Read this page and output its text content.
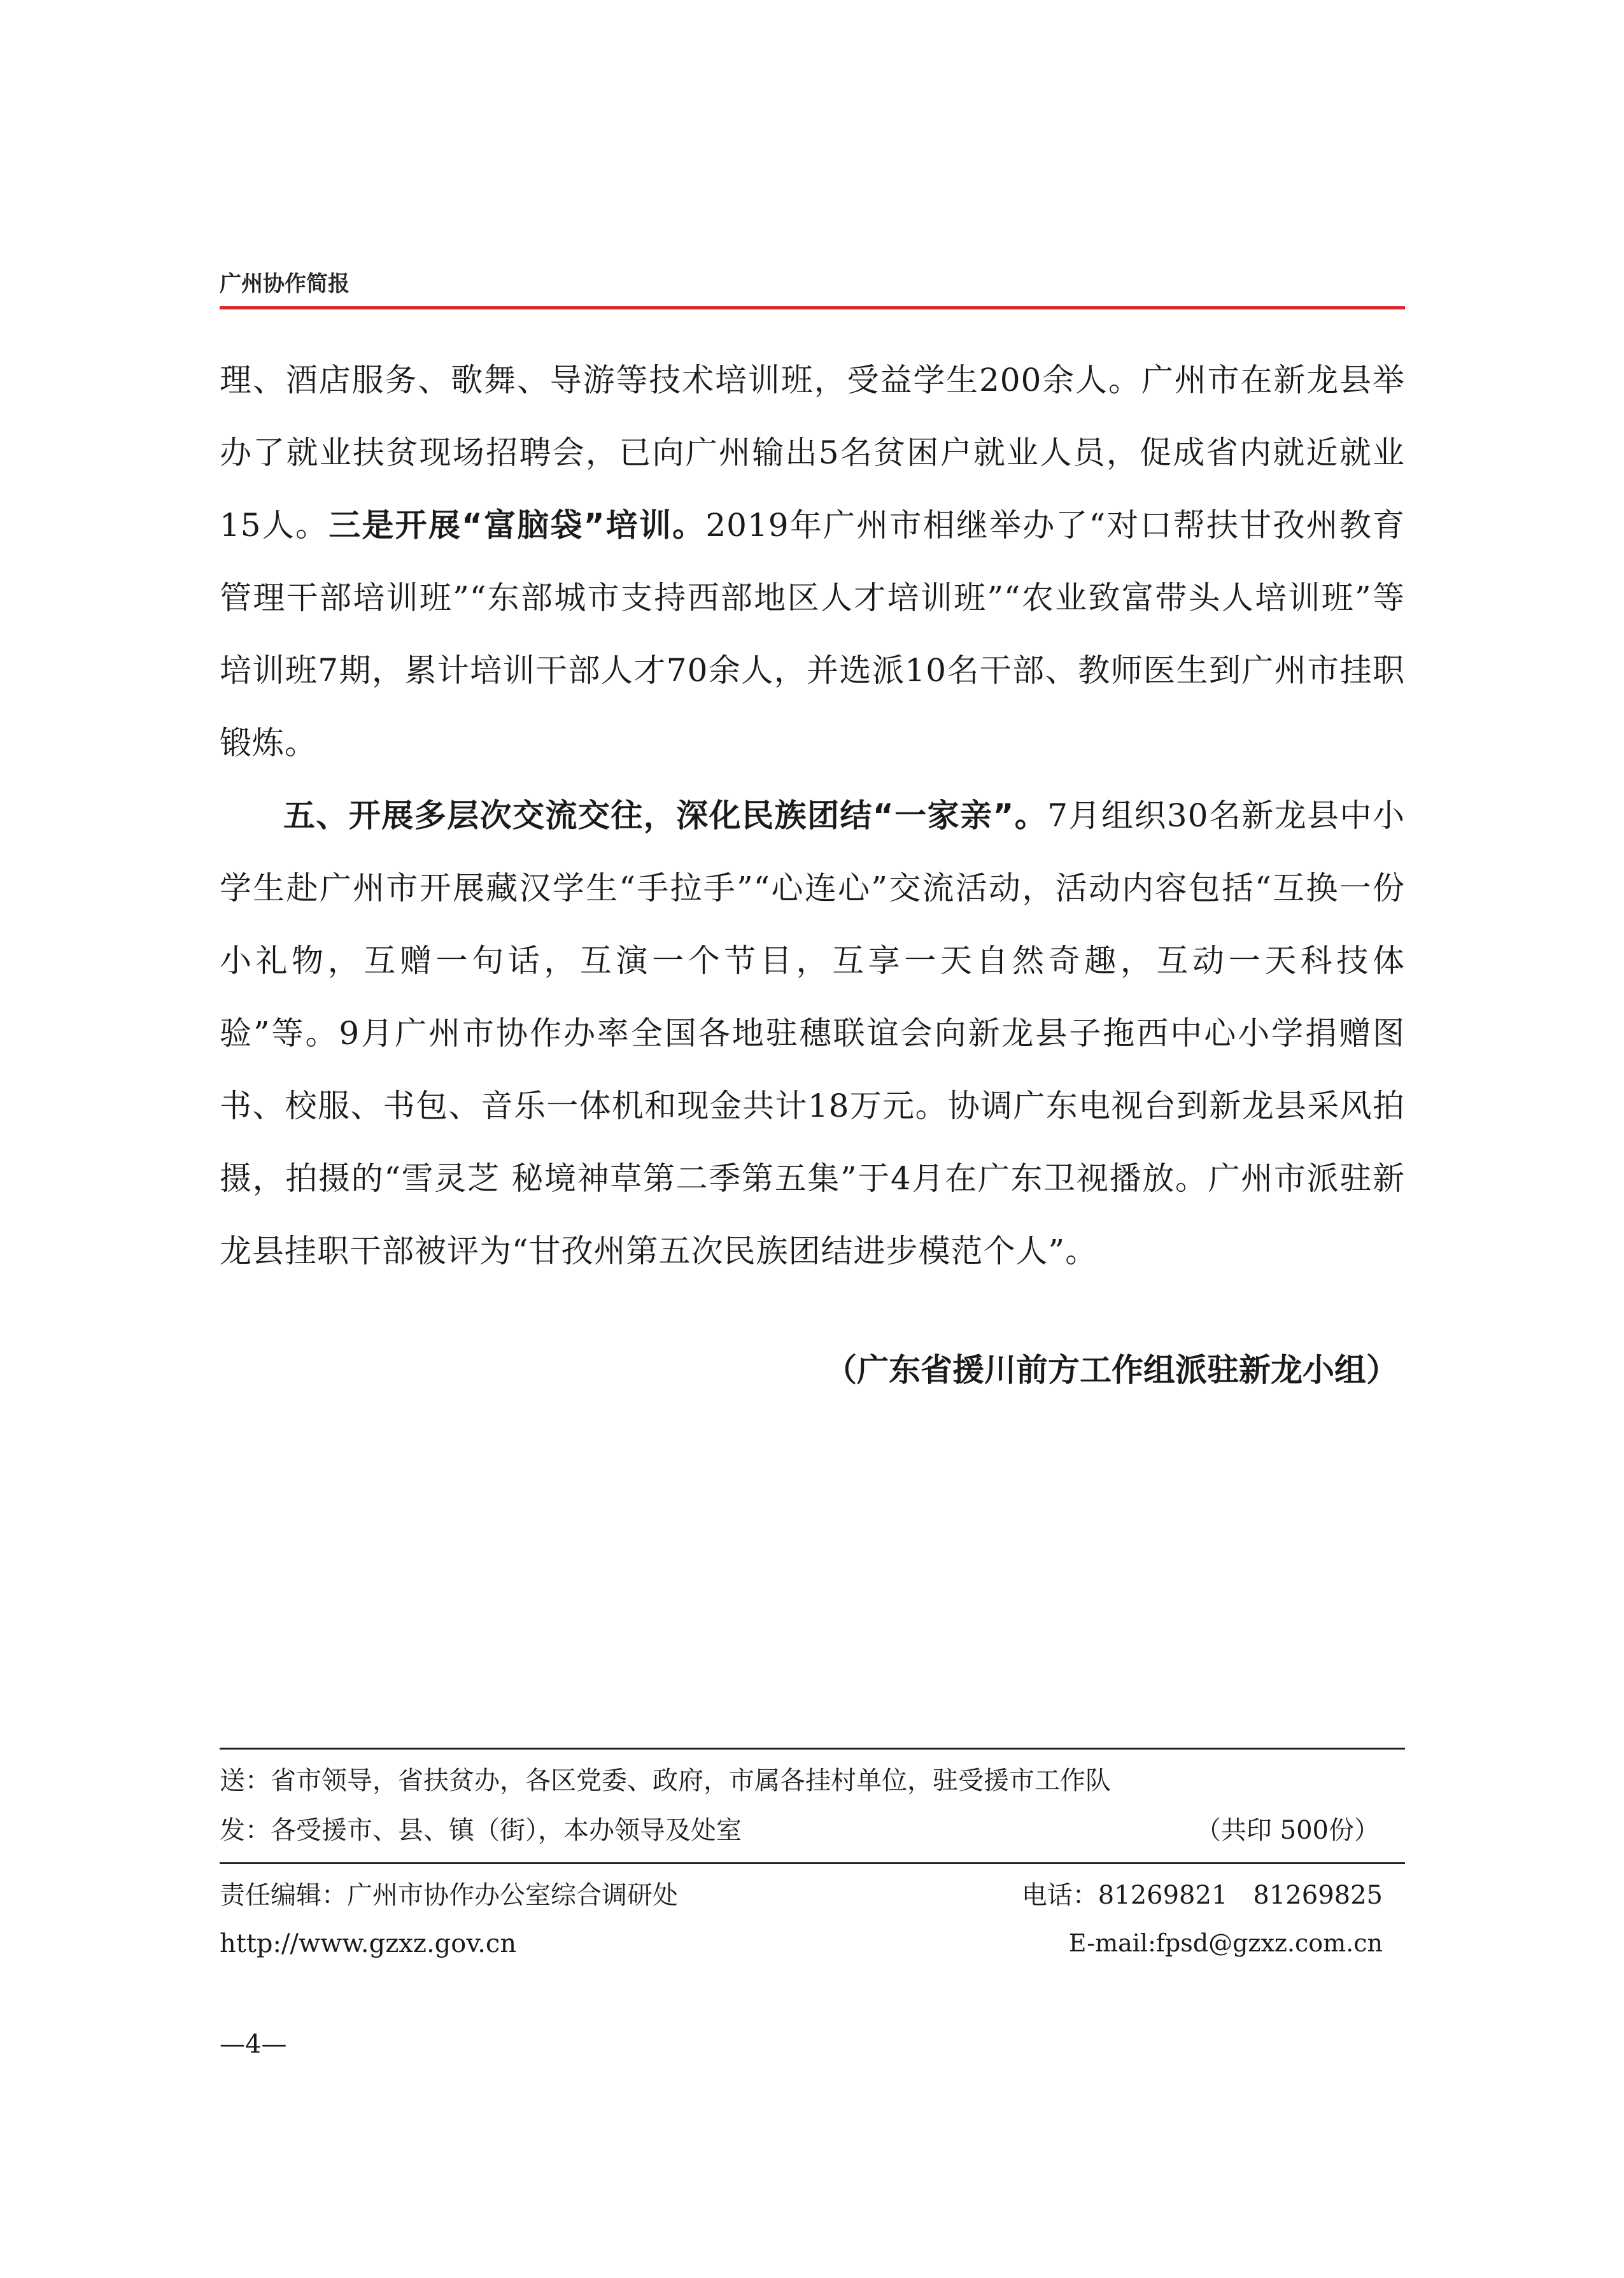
广州协作简报

理、酒店服务、歌舞、导游等技术培训班，受益学生200余人。广州市在新龙县举办了就业扶贫现场招聘会，已向广州输出5名贫困户就业人员，促成省内就近就业15人。三是开展“富脑袋”培训。2019年广州市相继举办了“对口帮扶甘孜州教育管理干部培训班”“东部城市支持西部地区人才培训班”“农业致富带头人培训班”等培训班7期，累计培训干部人才70余人，并选派10名干部、教师医生到广州市挂职锻炼。

五、开展多层次交流交往，深化民族团结“一家亲”。7月组织30名新龙县中小学生赴广州市开展藏汉学生“手拉手”“心连心”交流活动，活动内容包括“互换一份小礼物，互赠一句话，互演一个节目，互享一天自然奇趣，互动一天科技体验”等。9月广州市协作办率全国各地驻穗联谊会向新龙县子拖西中心小学捐赠图书、校服、书包、音乐一体机和现金共计18万元。协调广东电视台到新龙县采风拍摄，拍摄的“雪灵芝 秘境神草第二季第五集”于4月在广东卫视播放。广州市派驻新龙县挂职干部被评为“甘孜州第五次民族团结进步模范个人”。

（广东省援川前方工作组派驻新龙小组）
送：省市领导，省扶贫办，各区党委、政府，市属各挂村单位，驻受援市工作队
发：各受援市、县、镇（街），本办领导及处室	（共印 500份）
责任编辑：广州市协作办公室综合调研处	电话：81269821　81269825
http://www.gzxz.gov.cn	E-mail:fpsd@gzxz.com.cn
—4—
